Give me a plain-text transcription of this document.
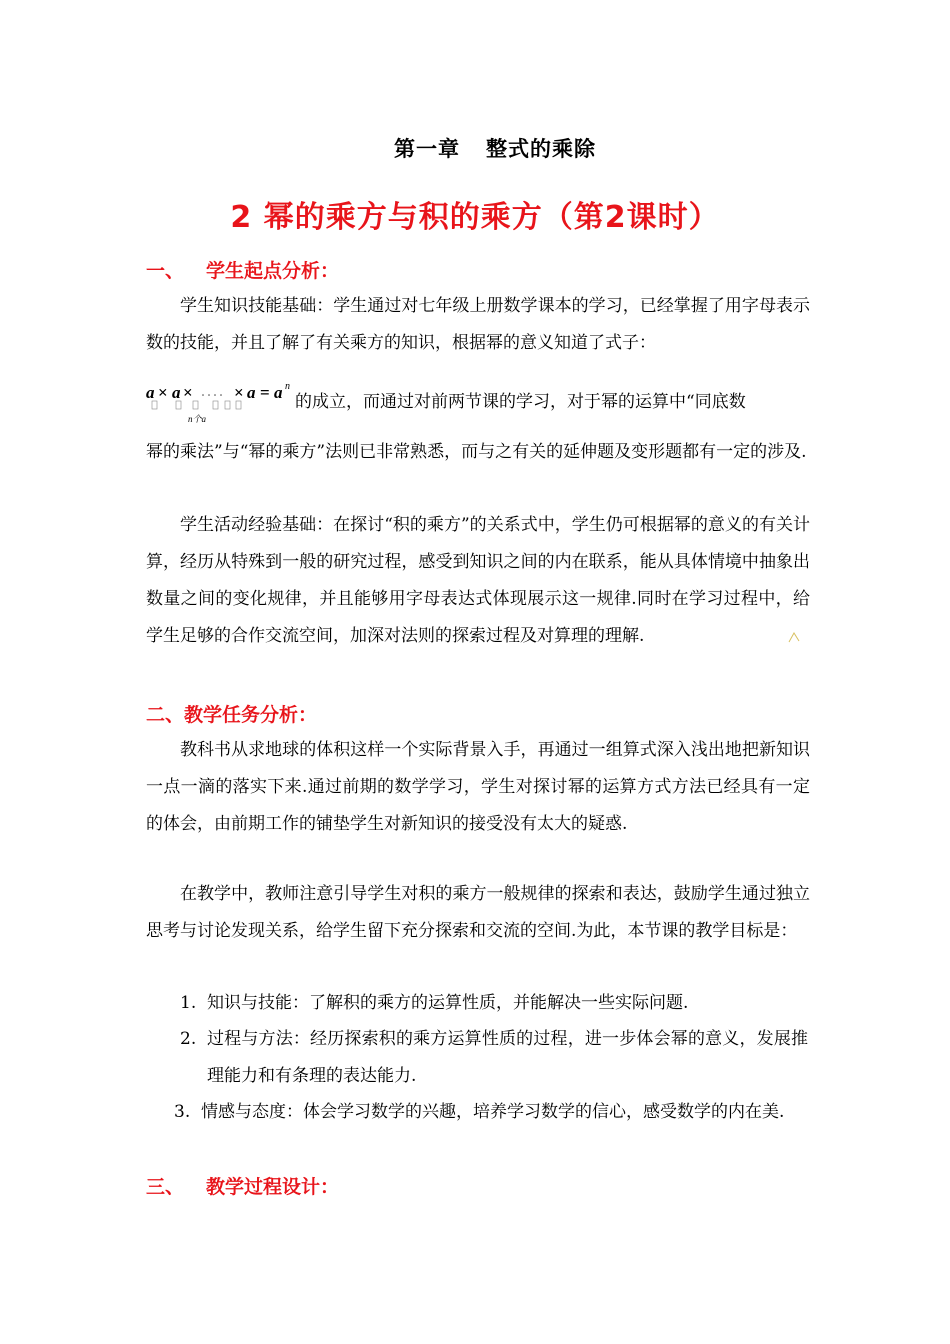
第一章 整式的乘除
2 幂的乘方与积的乘方（第2课时）
一、 学生起点分析：
学生知识技能基础：学生通过对七年级上册数学课本的学习，已经掌握了用字母表示数的技能，并且了解了有关乘方的知识，根据幂的意义知道了式子：
a × a × × a = a n
n个a
的成立，而通过对前两节课的学习，对于幂的运算中“同底数
幂的乘法”与“幂的乘方”法则已非常熟悉，而与之有关的延伸题及变形题都有一定的涉及.
学生活动经验基础：在探讨“积的乘方”的关系式中，学生仍可根据幂的意义的有关计算，经历从特殊到一般的研究过程，感受到知识之间的内在联系，能从具体情境中抽象出数量之间的变化规律，并且能够用字母表达式体现展示这一规律.同时在学习过程中，给学生足够的合作交流空间，加深对法则的探索过程及对算理的理解.
二、教学任务分析：
教科书从求地球的体积这样一个实际背景入手，再通过一组算式深入浅出地把新知识一点一滴的落实下来.通过前期的数学学习，学生对探讨幂的运算方式方法已经具有一定的体会，由前期工作的铺垫学生对新知识的接受没有太大的疑惑.
在教学中，教师注意引导学生对积的乘方一般规律的探索和表达，鼓励学生通过独立思考与讨论发现关系，给学生留下充分探索和交流的空间.为此，本节课的教学目标是：
1. 知识与技能：了解积的乘方的运算性质，并能解决一些实际问题.
2. 过程与方法：经历探索积的乘方运算性质的过程，进一步体会幂的意义，发展推理能力和有条理的表达能力.
3. 情感与态度：体会学习数学的兴趣，培养学习数学的信心，感受数学的内在美.
三、 教学过程设计：
